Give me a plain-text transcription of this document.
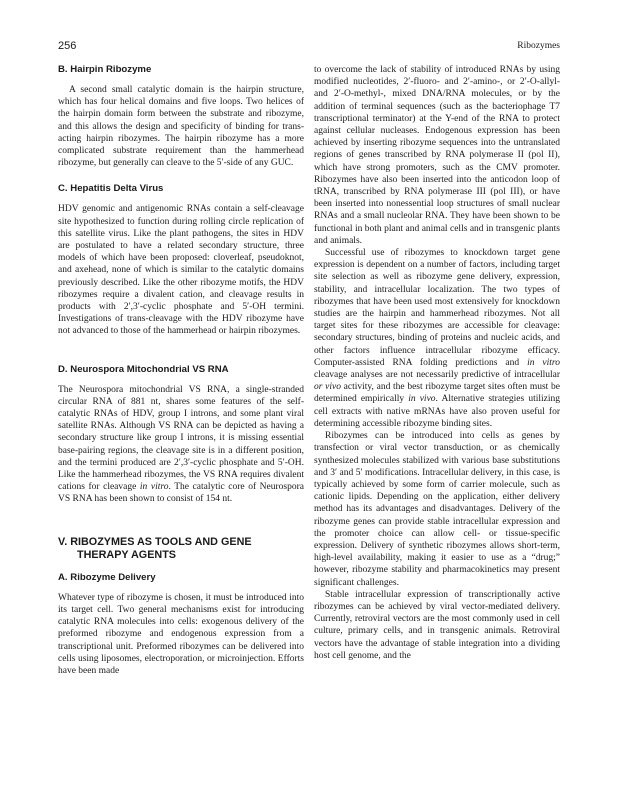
256	Ribozymes
B. Hairpin Ribozyme

A second small catalytic domain is the hairpin structure, which has four helical domains and five loops. Two helices of the hairpin domain form between the substrate and ribozyme, and this allows the design and specificity of binding for trans-acting hairpin ribozymes. The hairpin ribozyme has a more complicated substrate requirement than the hammerhead ribozyme, but generally can cleave to the 5′-side of any GUC.

C. Hepatitis Delta Virus

HDV genomic and antigenomic RNAs contain a self-cleavage site hypothesized to function during rolling circle replication of this satellite virus. Like the plant pathogens, the sites in HDV are postulated to have a related secondary structure, three models of which have been proposed: cloverleaf, pseudoknot, and axehead, none of which is similar to the catalytic domains previously described. Like the other ribozyme motifs, the HDV ribozymes require a divalent cation, and cleavage results in products with 2′,3′-cyclic phosphate and 5′-OH termini. Investigations of trans-cleavage with the HDV ribozyme have not advanced to those of the hammerhead or hairpin ribozymes.

D. Neurospora Mitochondrial VS RNA

The Neurospora mitochondrial VS RNA, a single-stranded circular RNA of 881 nt, shares some features of the self-catalytic RNAs of HDV, group I introns, and some plant viral satellite RNAs. Although VS RNA can be depicted as having a secondary structure like group I introns, it is missing essential base-pairing regions, the cleavage site is in a different position, and the termini produced are 2′,3′-cyclic phosphate and 5′-OH. Like the hammerhead ribozymes, the VS RNA requires divalent cations for cleavage in vitro. The catalytic core of Neurospora VS RNA has been shown to consist of 154 nt.

V. RIBOZYMES AS TOOLS AND GENE THERAPY AGENTS
A. Ribozyme Delivery

Whatever type of ribozyme is chosen, it must be introduced into its target cell. Two general mechanisms exist for introducing catalytic RNA molecules into cells: exogenous delivery of the preformed ribozyme and endogenous expression from a transcriptional unit. Preformed ribozymes can be delivered into cells using liposomes, electroporation, or microinjection. Efforts have been made

to overcome the lack of stability of introduced RNAs by using modified nucleotides, 2′-fluoro- and 2′-amino-, or 2′-O-allyl- and 2′-O-methyl-, mixed DNA/RNA molecules, or by the addition of terminal sequences (such as the bacteriophage T7 transcriptional terminator) at the Y-end of the RNA to protect against cellular nucleases. Endogenous expression has been achieved by inserting ribozyme sequences into the untranslated regions of genes transcribed by RNA polymerase II (pol II), which have strong promoters, such as the CMV promoter. Ribozymes have also been inserted into the anticodon loop of tRNA, transcribed by RNA polymerase III (pol III), or have been inserted into nonessential loop structures of small nuclear RNAs and a small nucleolar RNA. They have been shown to be functional in both plant and animal cells and in transgenic plants and animals.

Successful use of ribozymes to knockdown target gene expression is dependent on a number of factors, including target site selection as well as ribozyme gene delivery, expression, stability, and intracellular localization. The two types of ribozymes that have been used most extensively for knockdown studies are the hairpin and hammerhead ribozymes. Not all target sites for these ribozymes are accessible for cleavage: secondary structures, binding of proteins and nucleic acids, and other factors influence intracellular ribozyme efficacy. Computer-assisted RNA folding predictions and in vitro cleavage analyses are not necessarily predictive of intracellular or vivo activity, and the best ribozyme target sites often must be determined empirically in vivo. Alternative strategies utilizing cell extracts with native mRNAs have also proven useful for determining accessible ribozyme binding sites.

Ribozymes can be introduced into cells as genes by transfection or viral vector transduction, or as chemically synthesized molecules stabilized with various base substitutions and 3′ and 5′ modifications. Intracellular delivery, in this case, is typically achieved by some form of carrier molecule, such as cationic lipids. Depending on the application, either delivery method has its advantages and disadvantages. Delivery of the ribozyme genes can provide stable intracellular expression and the promoter choice can allow cell- or tissue-specific expression. Delivery of synthetic ribozymes allows short-term, high-level availability, making it easier to use as a “drug;” however, ribozyme stability and pharmacokinetics may present significant challenges.

Stable intracellular expression of transcriptionally active ribozymes can be achieved by viral vector-mediated delivery. Currently, retroviral vectors are the most commonly used in cell culture, primary cells, and in transgenic animals. Retroviral vectors have the advantage of stable integration into a dividing host cell genome, and the
